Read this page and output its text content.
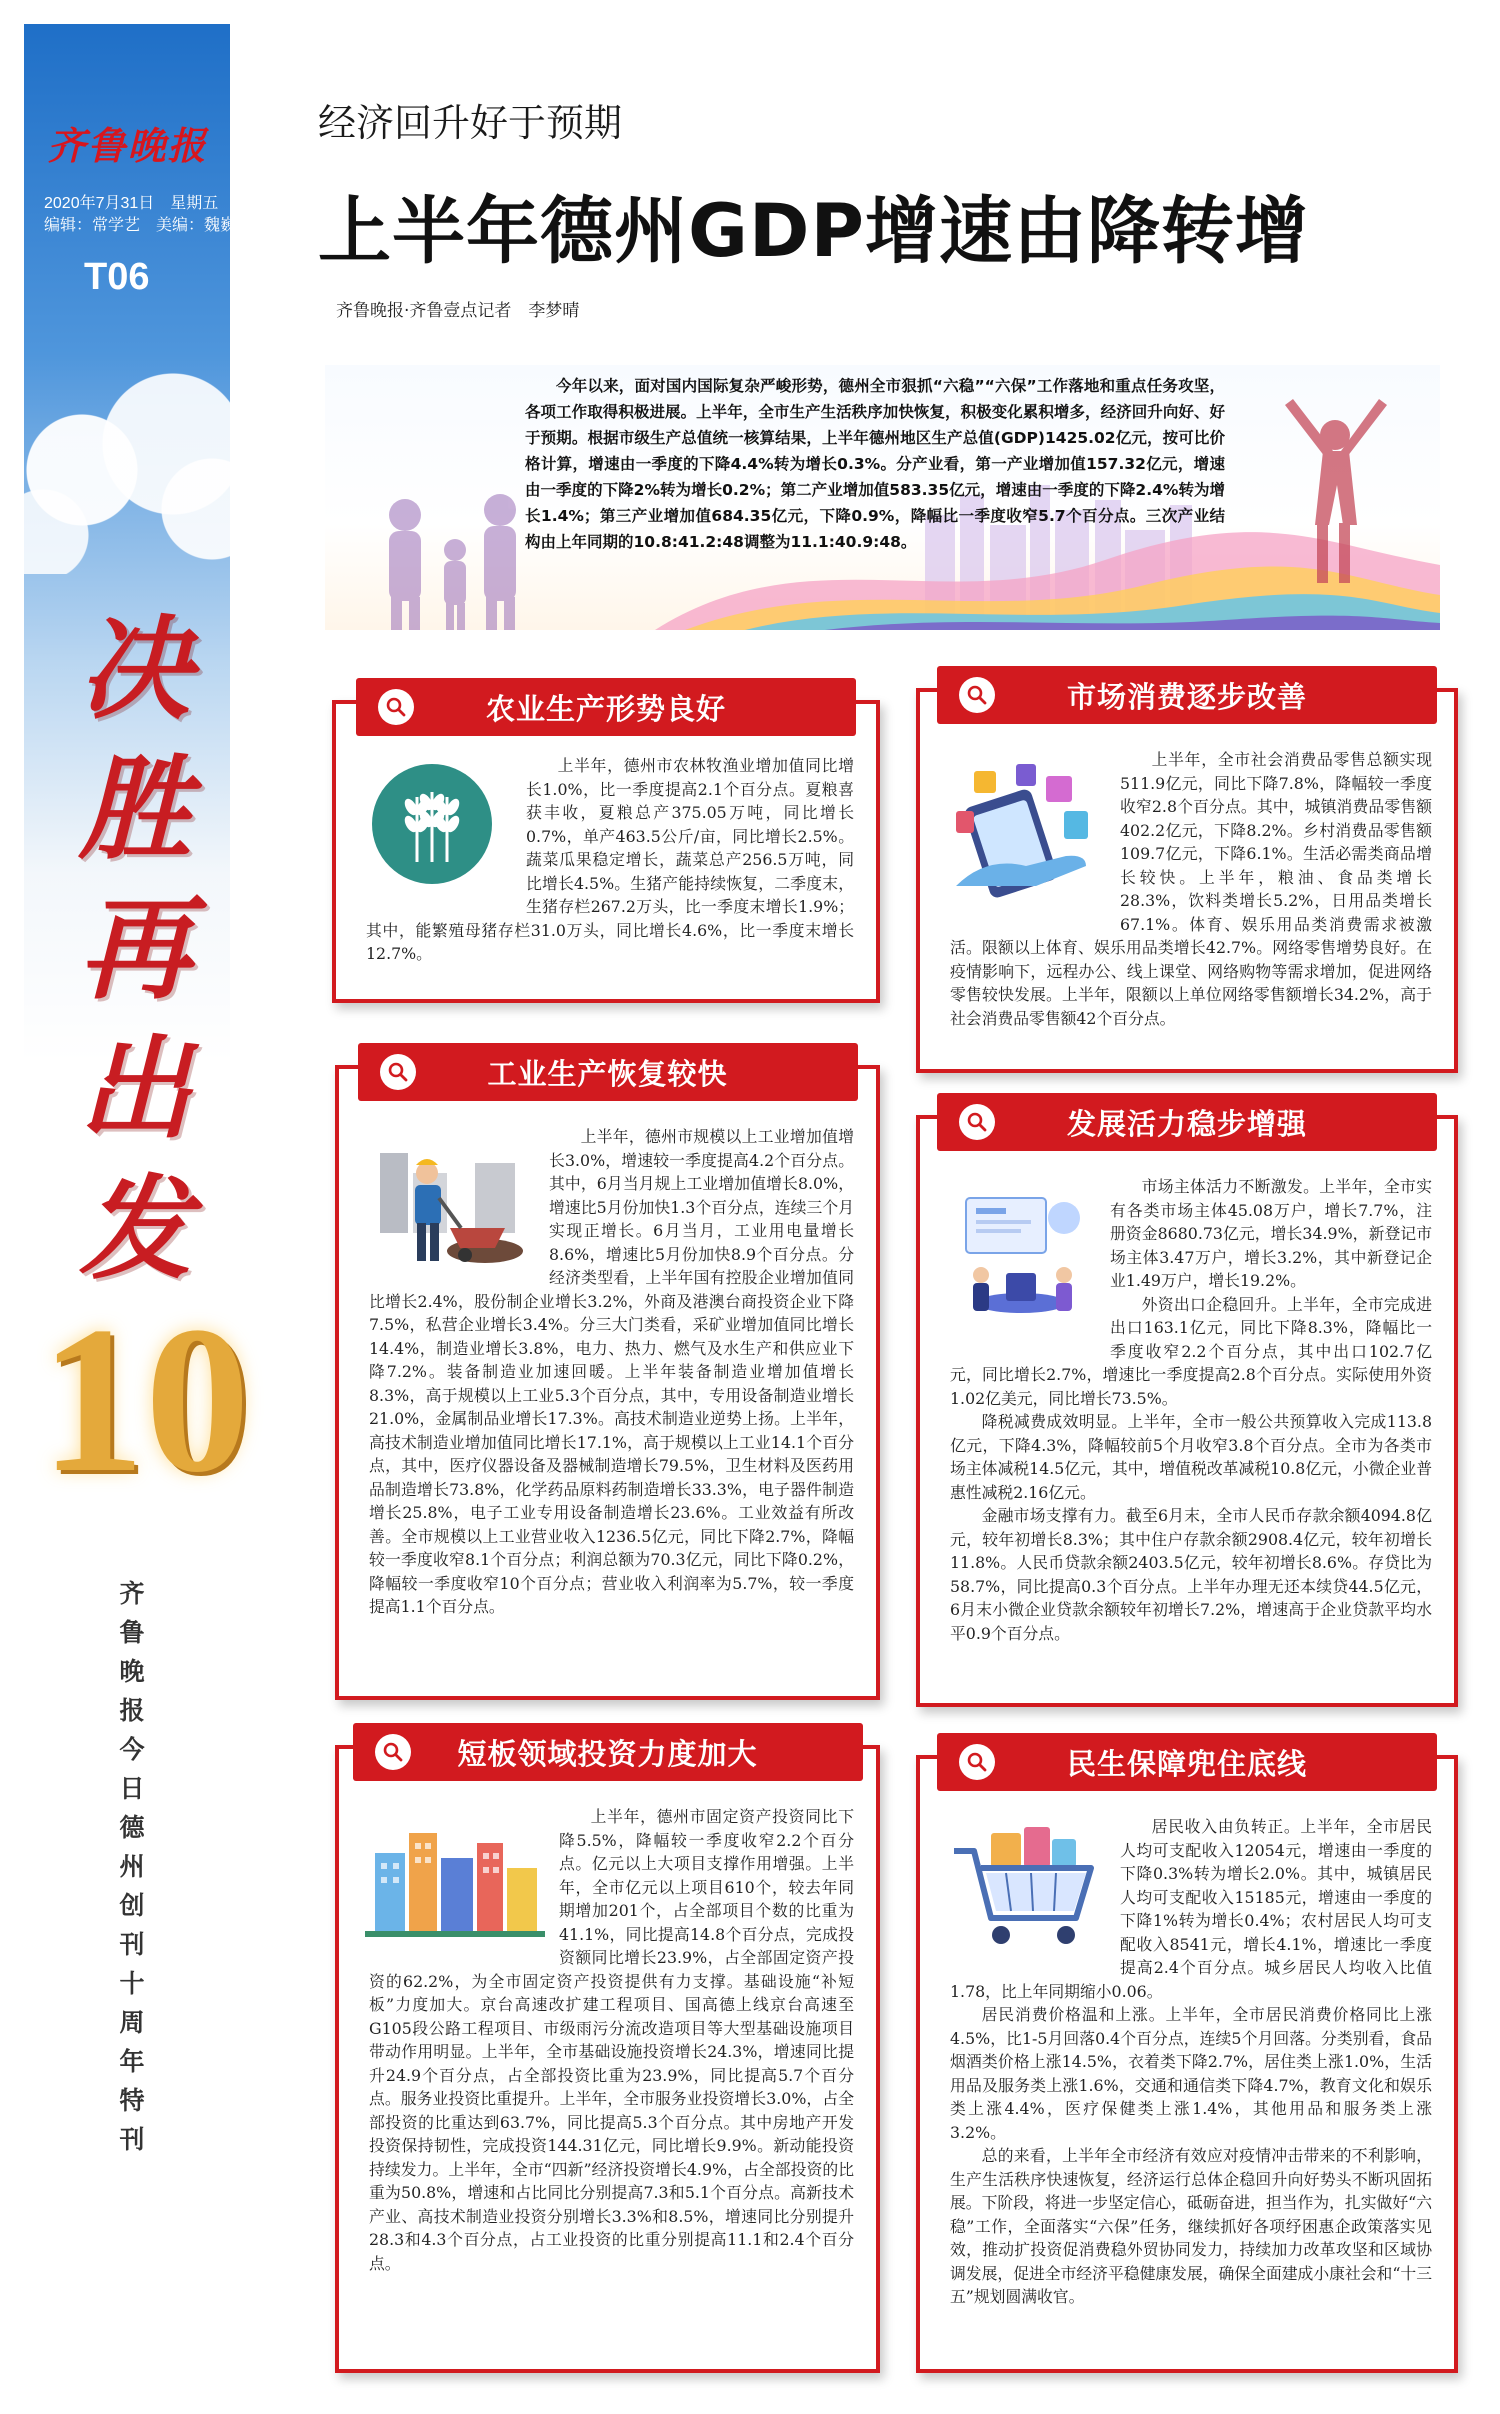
齐鲁晚报
2020年7月31日　星期五
编辑：常学艺　美编：魏巍
T06
决胜再出发
10
齐鲁晚报今日德州创刊十周年特刊
经济回升好于预期
上半年德州GDP增速由降转增
齐鲁晚报·齐鲁壹点记者　李梦晴
今年以来，面对国内国际复杂严峻形势，德州全市狠抓“六稳”“六保”工作落地和重点任务攻坚，各项工作取得积极进展。上半年，全市生产生活秩序加快恢复，积极变化累积增多，经济回升向好、好于预期。根据市级生产总值统一核算结果，上半年德州地区生产总值(GDP)1425.02亿元，按可比价格计算，增速由一季度的下降4.4%转为增长0.3%。分产业看，第一产业增加值157.32亿元，增速由一季度的下降2%转为增长0.2%；第二产业增加值583.35亿元，增速由一季度的下降2.4%转为增长1.4%；第三产业增加值684.35亿元，下降0.9%，降幅比一季度收窄5.7个百分点。三次产业结构由上年同期的10.8:41.2:48调整为11.1:40.9:48。
农业生产形势良好

上半年，德州市农林牧渔业增加值同比增长1.0%，比一季度提高2.1个百分点。夏粮喜获丰收，夏粮总产375.05万吨，同比增长0.7%，单产463.5公斤/亩，同比增长2.5%。蔬菜瓜果稳定增长，蔬菜总产256.5万吨，同比增长4.5%。生猪产能持续恢复，二季度末，生猪存栏267.2万头，比一季度末增长1.9%；其中，能繁殖母猪存栏31.0万头，同比增长4.6%，比一季度末增长12.7%。

市场消费逐步改善

上半年，全市社会消费品零售总额实现511.9亿元，同比下降7.8%，降幅较一季度收窄2.8个百分点。其中，城镇消费品零售额402.2亿元，下降8.2%。乡村消费品零售额109.7亿元，下降6.1%。生活必需类商品增长较快。上半年，粮油、食品类增长28.3%，饮料类增长5.2%，日用品类增长67.1%。体育、娱乐用品类消费需求被激活。限额以上体育、娱乐用品类增长42.7%。网络零售增势良好。在疫情影响下，远程办公、线上课堂、网络购物等需求增加，促进网络零售较快发展。上半年，限额以上单位网络零售额增长34.2%，高于社会消费品零售额42个百分点。

工业生产恢复较快

上半年，德州市规模以上工业增加值增长3.0%，增速较一季度提高4.2个百分点。其中，6月当月规上工业增加值增长8.0%，增速比5月份加快1.3个百分点，连续三个月实现正增长。6月当月，工业用电量增长8.6%，增速比5月份加快8.9个百分点。分经济类型看，上半年国有控股企业增加值同比增长2.4%，股份制企业增长3.2%，外商及港澳台商投资企业下降7.5%，私营企业增长3.4%。分三大门类看，采矿业增加值同比增长14.4%，制造业增长3.8%，电力、热力、燃气及水生产和供应业下降7.2%。装备制造业加速回暖。上半年装备制造业增加值增长8.3%，高于规模以上工业5.3个百分点，其中，专用设备制造业增长21.0%，金属制品业增长17.3%。高技术制造业逆势上扬。上半年，高技术制造业增加值同比增长17.1%，高于规模以上工业14.1个百分点，其中，医疗仪器设备及器械制造增长79.5%，卫生材料及医药用品制造增长73.8%，化学药品原料药制造增长33.3%，电子器件制造增长25.8%，电子工业专用设备制造增长23.6%。工业效益有所改善。全市规模以上工业营业收入1236.5亿元，同比下降2.7%，降幅较一季度收窄8.1个百分点；利润总额为70.3亿元，同比下降0.2%，降幅较一季度收窄10个百分点；营业收入利润率为5.7%，较一季度提高1.1个百分点。

发展活力稳步增强

市场主体活力不断激发。上半年，全市实有各类市场主体45.08万户，增长7.7%，注册资金8680.73亿元，增长34.9%，新登记市场主体3.47万户，增长3.2%，其中新登记企业1.49万户，增长19.2%。

外资出口企稳回升。上半年，全市完成进出口163.1亿元，同比下降8.3%，降幅比一季度收窄2.2个百分点，其中出口102.7亿元，同比增长2.7%，增速比一季度提高2.8个百分点。实际使用外资1.02亿美元，同比增长73.5%。

降税减费成效明显。上半年，全市一般公共预算收入完成113.8亿元，下降4.3%，降幅较前5个月收窄3.8个百分点。全市为各类市场主体减税14.5亿元，其中，增值税改革减税10.8亿元，小微企业普惠性减税2.16亿元。

金融市场支撑有力。截至6月末，全市人民币存款余额4094.8亿元，较年初增长8.3%；其中住户存款余额2908.4亿元，较年初增长11.8%。人民币贷款余额2403.5亿元，较年初增长8.6%。存贷比为58.7%，同比提高0.3个百分点。上半年办理无还本续贷44.5亿元，6月末小微企业贷款余额较年初增长7.2%，增速高于企业贷款平均水平0.9个百分点。

短板领域投资力度加大

上半年，德州市固定资产投资同比下降5.5%，降幅较一季度收窄2.2个百分点。亿元以上大项目支撑作用增强。上半年，全市亿元以上项目610个，较去年同期增加201个，占全部项目个数的比重为41.1%，同比提高14.8个百分点，完成投资额同比增长23.9%，占全部固定资产投资的62.2%，为全市固定资产投资提供有力支撑。基础设施“补短板”力度加大。京台高速改扩建工程项目、国高德上线京台高速至G105段公路工程项目、市级雨污分流改造项目等大型基础设施项目带动作用明显。上半年，全市基础设施投资增长24.3%，增速同比提升24.9个百分点，占全部投资比重为23.9%，同比提高5.7个百分点。服务业投资比重提升。上半年，全市服务业投资增长3.0%，占全部投资的比重达到63.7%，同比提高5.3个百分点。其中房地产开发投资保持韧性，完成投资144.31亿元，同比增长9.9%。新动能投资持续发力。上半年，全市“四新”经济投资增长4.9%，占全部投资的比重为50.8%，增速和占比同比分别提高7.3和5.1个百分点。高新技术产业、高技术制造业投资分别增长3.3%和8.5%，增速同比分别提升28.3和4.3个百分点，占工业投资的比重分别提高11.1和2.4个百分点。

民生保障兜住底线

居民收入由负转正。上半年，全市居民人均可支配收入12054元，增速由一季度的下降0.3%转为增长2.0%。其中，城镇居民人均可支配收入15185元，增速由一季度的下降1%转为增长0.4%；农村居民人均可支配收入8541元，增长4.1%，增速比一季度提高2.4个百分点。城乡居民人均收入比值1.78，比上年同期缩小0.06。

居民消费价格温和上涨。上半年，全市居民消费价格同比上涨4.5%，比1-5月回落0.4个百分点，连续5个月回落。分类别看，食品烟酒类价格上涨14.5%，衣着类下降2.7%，居住类上涨1.0%，生活用品及服务类上涨1.6%，交通和通信类下降4.7%，教育文化和娱乐类上涨4.4%，医疗保健类上涨1.4%，其他用品和服务类上涨3.2%。

总的来看，上半年全市经济有效应对疫情冲击带来的不利影响，生产生活秩序快速恢复，经济运行总体企稳回升向好势头不断巩固拓展。下阶段，将进一步坚定信心，砥砺奋进，担当作为，扎实做好“六稳”工作，全面落实“六保”任务，继续抓好各项纾困惠企政策落实见效，推动扩投资促消费稳外贸协同发力，持续加力改革攻坚和区域协调发展，促进全市经济平稳健康发展，确保全面建成小康社会和“十三五”规划圆满收官。
